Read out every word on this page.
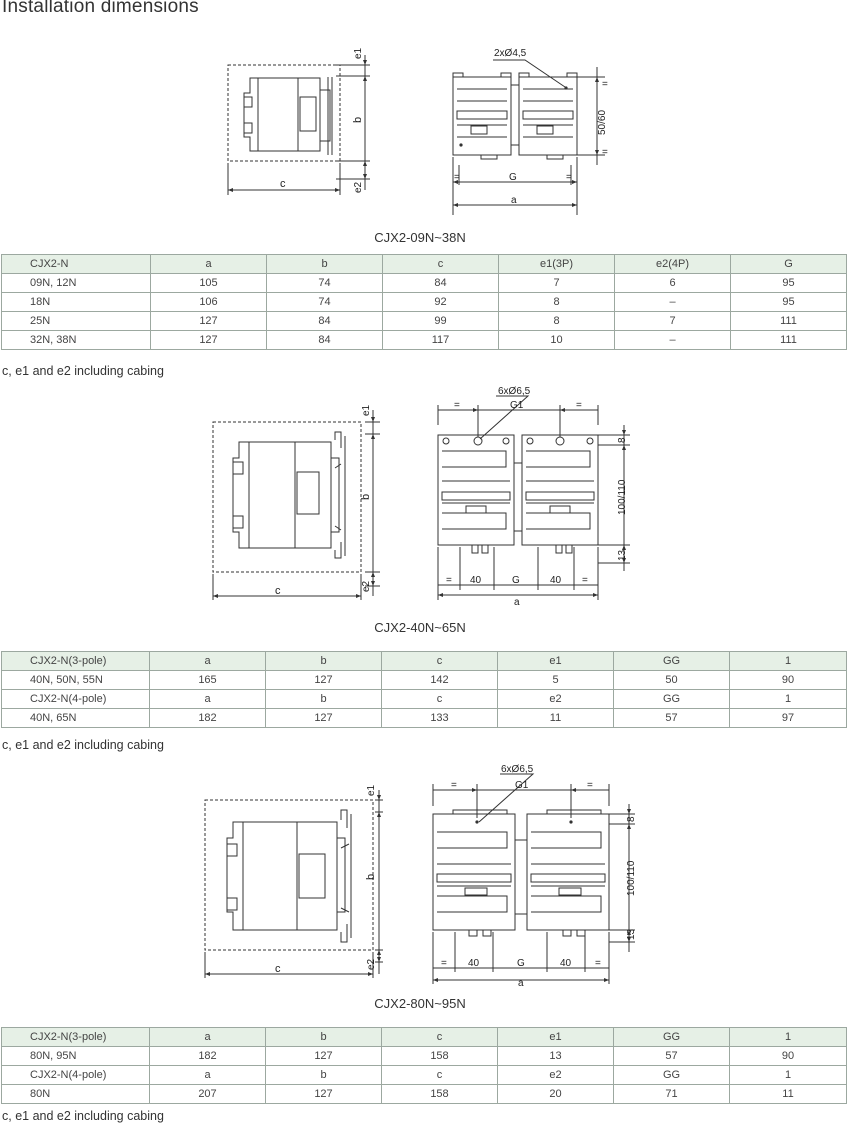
Installation dimensions
e1
b
e2
c
2xØ4,5
50/60
=
=
=	G	=
a
CJX2-09N~38N
CJX2-N	a	b	c	e1(3P)	e2(4P)	G
09N, 12N	105	74	84	7	6	95
18N	106	74	92	8	–	95
25N	127	84	99	8	7	111
32N, 38N	127	84	117	10	–	111
c, e1 and e2 including cabing
e1
b
e2
c
6xØ6,5
=	G1	=
8
100/110
13
= 40	G	40 =
a
CJX2-40N~65N
CJX2-N(3-pole)	a	b	c	e1	GG	1
40N, 50N, 55N	165	127	142	5	50	90
CJX2-N(4-pole)	a	b	c	e2	GG	1
40N, 65N	182	127	133	11	57	97
c, e1 and e2 including cabing
e1
b
e2
c
6xØ6,5
=	G1	=
8
100/110
13
= 40	G	40 =
a
CJX2-80N~95N
CJX2-N(3-pole)	a	b	c	e1	GG	1
80N, 95N	182	127	158	13	57	90
CJX2-N(4-pole)	a	b	c	e2	GG	1
80N	207	127	158	20	71	11
c, e1 and e2 including cabing
